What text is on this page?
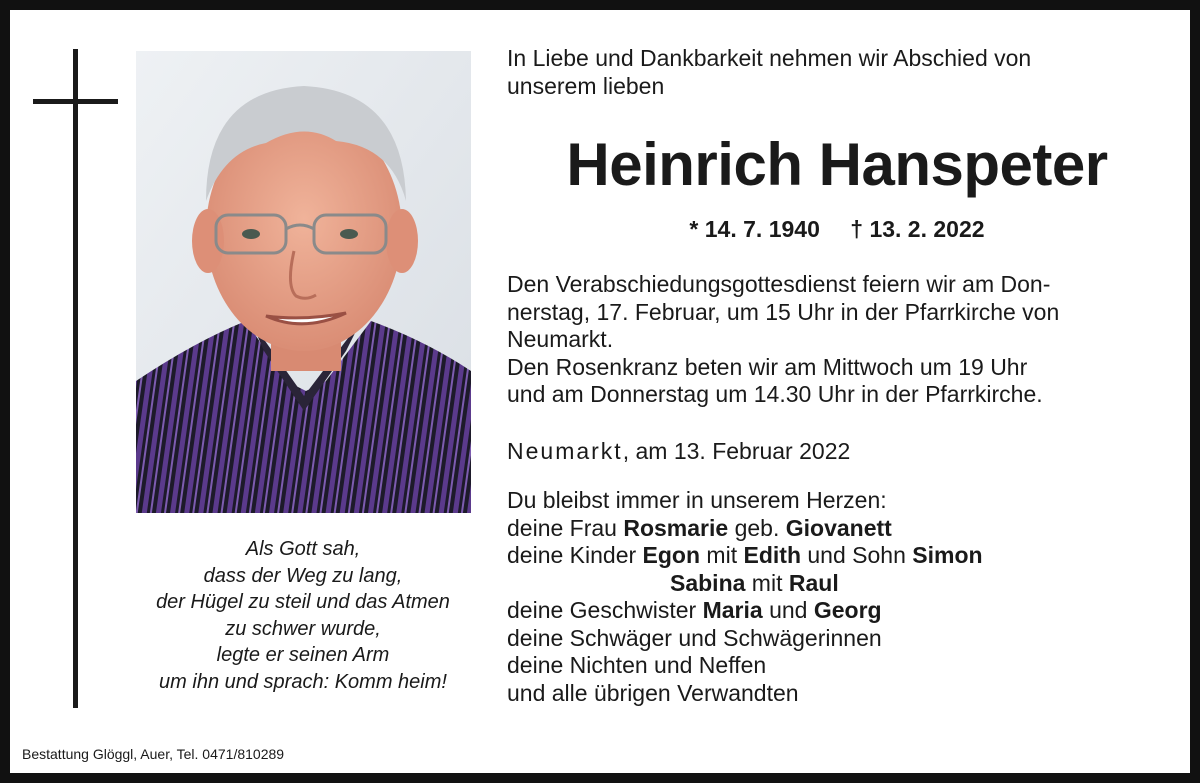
Als Gott sah,
dass der Weg zu lang,
der Hügel zu steil und das Atmen
zu schwer wurde,
legte er seinen Arm
um ihn und sprach: Komm heim!
Bestattung Glöggl, Auer, Tel. 0471/810289
In Liebe und Dankbarkeit nehmen wir Abschied von
unserem lieben
Heinrich Hanspeter
* 14. 7. 1940 † 13. 2. 2022
Den Verabschiedungsgottesdienst feiern wir am Don-
nerstag, 17. Februar, um 15 Uhr in der Pfarrkirche von
Neumarkt.
Den Rosenkranz beten wir am Mittwoch um 19 Uhr
und am Donnerstag um 14.30 Uhr in der Pfarrkirche.
Neumarkt, am 13. Februar 2022
Du bleibst immer in unserem Herzen:
deine Frau Rosmarie geb. Giovanett
deine Kinder Egon mit Edith und Sohn Simon
Sabina mit Raul
deine Geschwister Maria und Georg
deine Schwäger und Schwägerinnen
deine Nichten und Neffen
und alle übrigen Verwandten
